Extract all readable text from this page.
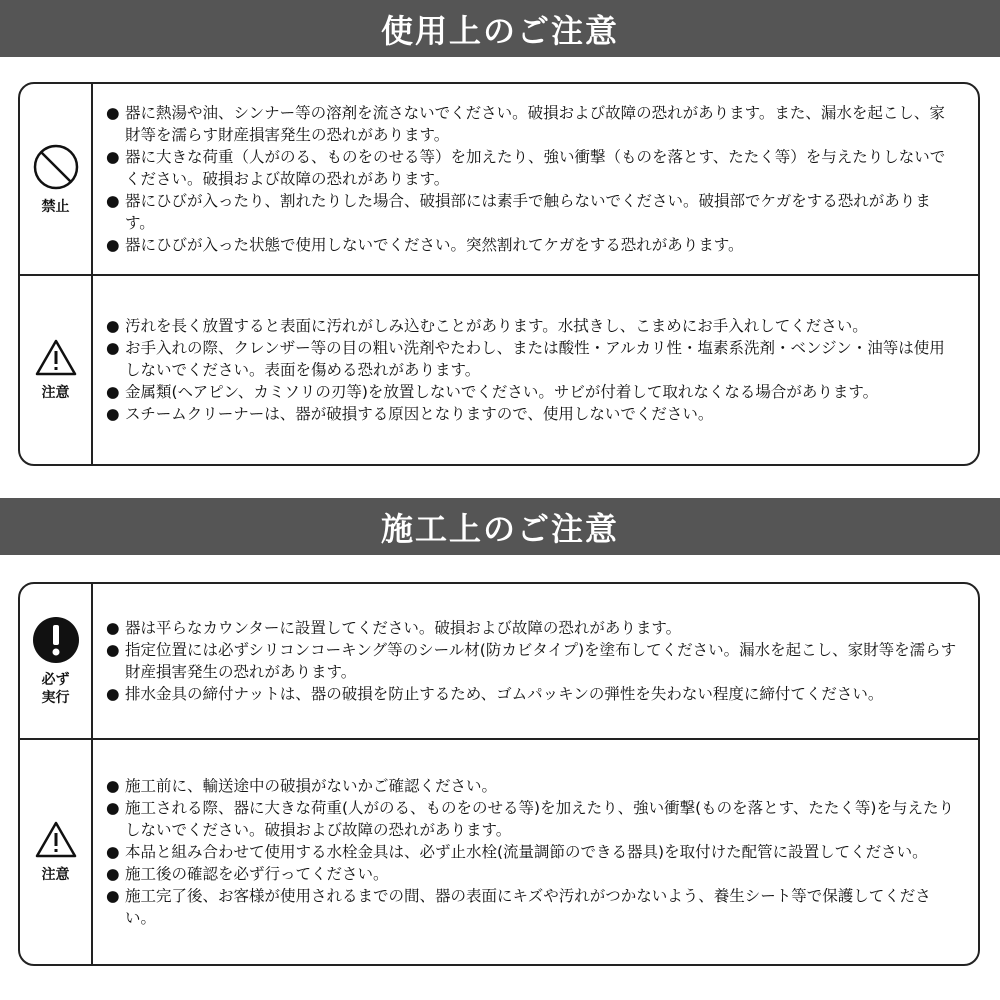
使用上のご注意
禁止
● 器に熱湯や油、シンナー等の溶剤を流さないでください。破損および故障の恐れがあります。また、漏水を起こし、家財等を濡らす財産損害発生の恐れがあります。
● 器に大きな荷重（人がのる、ものをのせる等）を加えたり、強い衝撃（ものを落とす、たたく等）を与えたりしないでください。破損および故障の恐れがあります。
● 器にひびが入ったり、割れたりした場合、破損部には素手で触らないでください。破損部でケガをする恐れがあります。
● 器にひびが入った状態で使用しないでください。突然割れてケガをする恐れがあります。
注意
● 汚れを長く放置すると表面に汚れがしみ込むことがあります。水拭きし、こまめにお手入れしてください。
● お手入れの際、クレンザー等の目の粗い洗剤やたわし、または酸性・アルカリ性・塩素系洗剤・ベンジン・油等は使用しないでください。表面を傷める恐れがあります。
● 金属類(ヘアピン、カミソリの刃等)を放置しないでください。サビが付着して取れなくなる場合があります。
● スチームクリーナーは、器が破損する原因となりますので、使用しないでください。
施工上のご注意
必ず
実行
● 器は平らなカウンターに設置してください。破損および故障の恐れがあります。
● 指定位置には必ずシリコンコーキング等のシール材(防カビタイプ)を塗布してください。漏水を起こし、家財等を濡らす財産損害発生の恐れがあります。
● 排水金具の締付ナットは、器の破損を防止するため、ゴムパッキンの弾性を失わない程度に締付てください。
注意
● 施工前に、輸送途中の破損がないかご確認ください。
● 施工される際、器に大きな荷重(人がのる、ものをのせる等)を加えたり、強い衝撃(ものを落とす、たたく等)を与えたりしないでください。破損および故障の恐れがあります。
● 本品と組み合わせて使用する水栓金具は、必ず止水栓(流量調節のできる器具)を取付けた配管に設置してください。
● 施工後の確認を必ず行ってください。
● 施工完了後、お客様が使用されるまでの間、器の表面にキズや汚れがつかないよう、養生シート等で保護してください。
